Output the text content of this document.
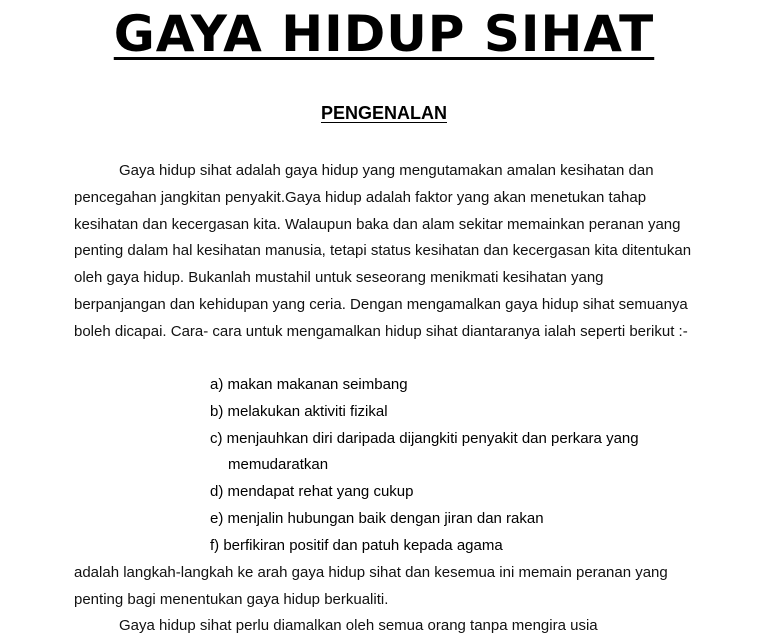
GAYA HIDUP SIHAT
PENGENALAN
Gaya hidup sihat adalah gaya hidup yang mengutamakan amalan kesihatan dan pencegahan jangkitan penyakit.Gaya hidup adalah faktor yang akan menetukan tahap kesihatan dan kecergasan kita. Walaupun baka dan alam sekitar memainkan peranan yang penting dalam hal kesihatan manusia, tetapi status kesihatan dan kecergasan kita ditentukan oleh gaya hidup. Bukanlah mustahil untuk seseorang menikmati kesihatan yang berpanjangan dan kehidupan yang ceria. Dengan mengamalkan gaya hidup sihat semuanya boleh dicapai. Cara- cara untuk mengamalkan hidup sihat diantaranya ialah seperti berikut :-
a) makan makanan seimbang
b) melakukan aktiviti fizikal
c) menjauhkan diri daripada dijangkiti penyakit dan perkara yang memudaratkan
d) mendapat rehat yang cukup
e) menjalin hubungan baik dengan jiran dan rakan
f) berfikiran positif dan patuh kepada agama
adalah langkah-langkah ke arah gaya hidup sihat dan kesemua ini memain peranan yang penting bagi menentukan gaya hidup berkualiti.
Gaya hidup sihat perlu diamalkan oleh semua orang tanpa mengira usia
